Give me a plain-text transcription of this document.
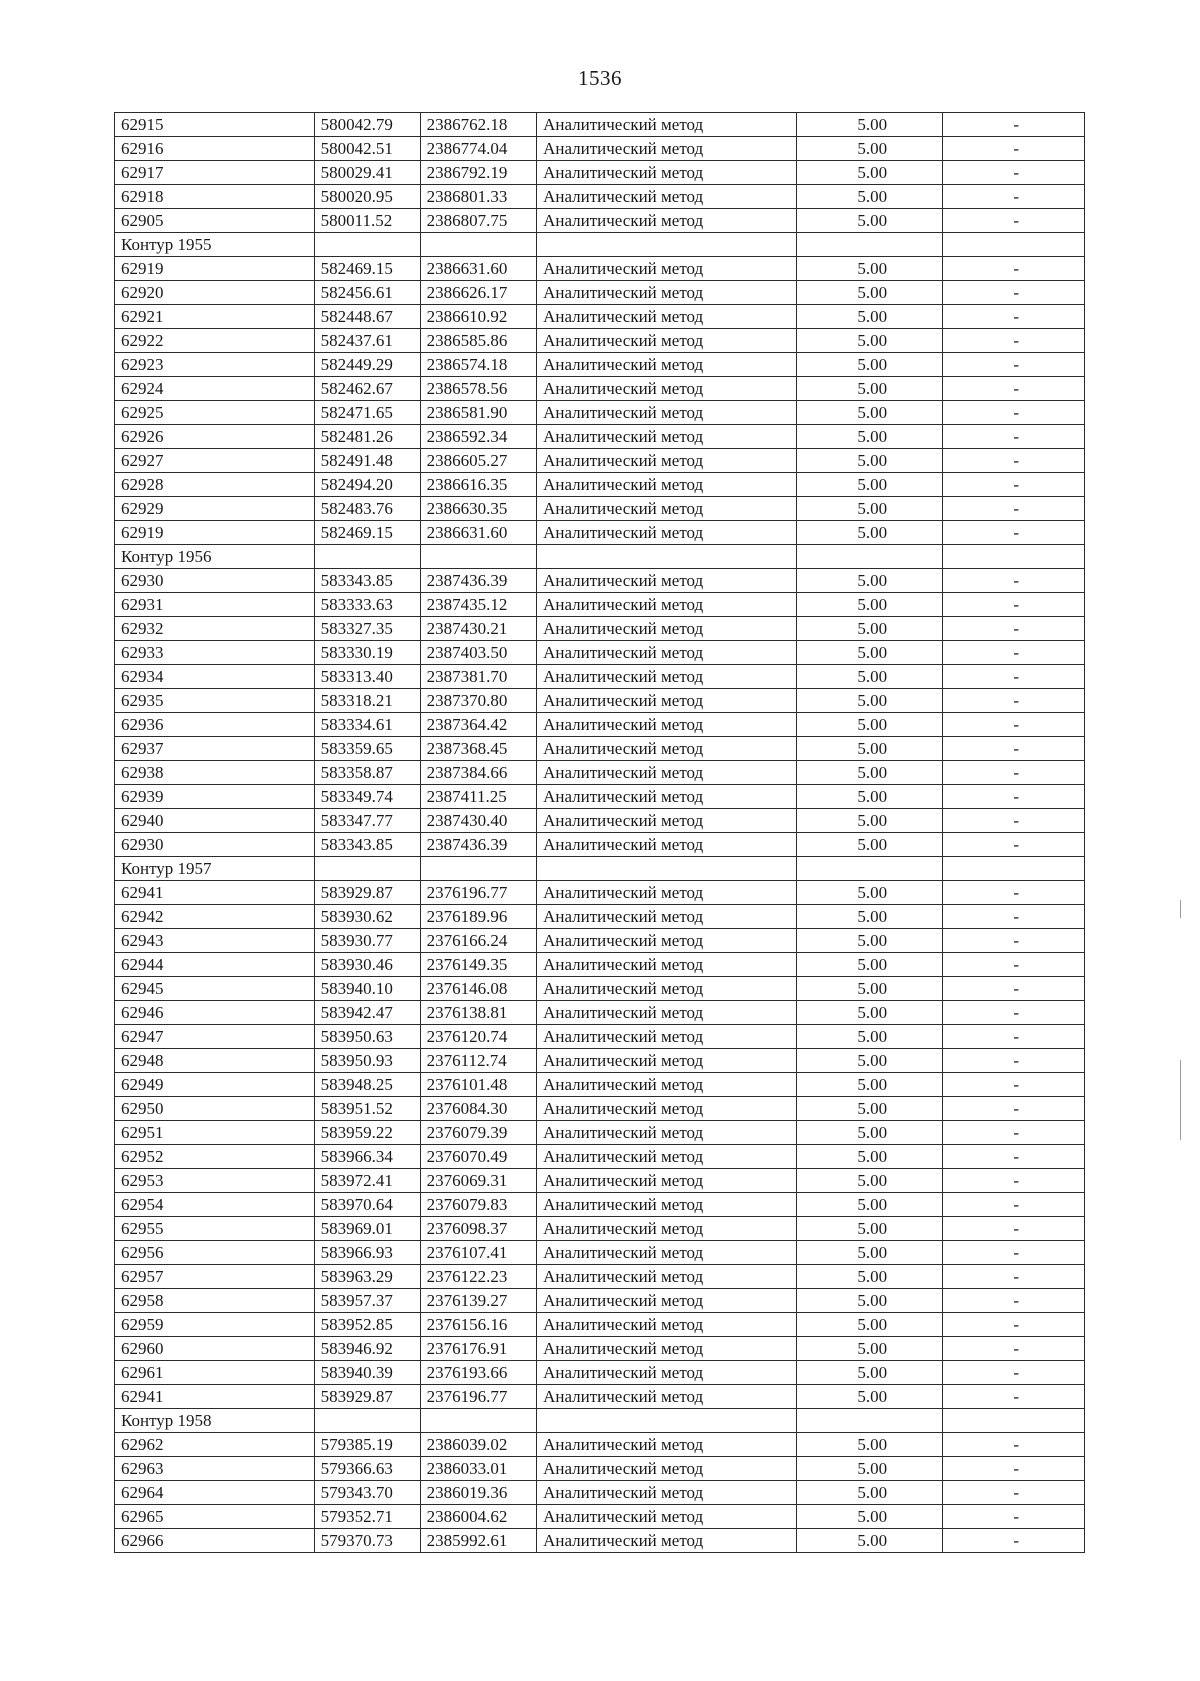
1536
62915	580042.79	2386762.18	Аналитический метод	5.00	-
62916	580042.51	2386774.04	Аналитический метод	5.00	-
62917	580029.41	2386792.19	Аналитический метод	5.00	-
62918	580020.95	2386801.33	Аналитический метод	5.00	-
62905	580011.52	2386807.75	Аналитический метод	5.00	-
Контур 1955					
62919	582469.15	2386631.60	Аналитический метод	5.00	-
62920	582456.61	2386626.17	Аналитический метод	5.00	-
62921	582448.67	2386610.92	Аналитический метод	5.00	-
62922	582437.61	2386585.86	Аналитический метод	5.00	-
62923	582449.29	2386574.18	Аналитический метод	5.00	-
62924	582462.67	2386578.56	Аналитический метод	5.00	-
62925	582471.65	2386581.90	Аналитический метод	5.00	-
62926	582481.26	2386592.34	Аналитический метод	5.00	-
62927	582491.48	2386605.27	Аналитический метод	5.00	-
62928	582494.20	2386616.35	Аналитический метод	5.00	-
62929	582483.76	2386630.35	Аналитический метод	5.00	-
62919	582469.15	2386631.60	Аналитический метод	5.00	-
Контур 1956					
62930	583343.85	2387436.39	Аналитический метод	5.00	-
62931	583333.63	2387435.12	Аналитический метод	5.00	-
62932	583327.35	2387430.21	Аналитический метод	5.00	-
62933	583330.19	2387403.50	Аналитический метод	5.00	-
62934	583313.40	2387381.70	Аналитический метод	5.00	-
62935	583318.21	2387370.80	Аналитический метод	5.00	-
62936	583334.61	2387364.42	Аналитический метод	5.00	-
62937	583359.65	2387368.45	Аналитический метод	5.00	-
62938	583358.87	2387384.66	Аналитический метод	5.00	-
62939	583349.74	2387411.25	Аналитический метод	5.00	-
62940	583347.77	2387430.40	Аналитический метод	5.00	-
62930	583343.85	2387436.39	Аналитический метод	5.00	-
Контур 1957					
62941	583929.87	2376196.77	Аналитический метод	5.00	-
62942	583930.62	2376189.96	Аналитический метод	5.00	-
62943	583930.77	2376166.24	Аналитический метод	5.00	-
62944	583930.46	2376149.35	Аналитический метод	5.00	-
62945	583940.10	2376146.08	Аналитический метод	5.00	-
62946	583942.47	2376138.81	Аналитический метод	5.00	-
62947	583950.63	2376120.74	Аналитический метод	5.00	-
62948	583950.93	2376112.74	Аналитический метод	5.00	-
62949	583948.25	2376101.48	Аналитический метод	5.00	-
62950	583951.52	2376084.30	Аналитический метод	5.00	-
62951	583959.22	2376079.39	Аналитический метод	5.00	-
62952	583966.34	2376070.49	Аналитический метод	5.00	-
62953	583972.41	2376069.31	Аналитический метод	5.00	-
62954	583970.64	2376079.83	Аналитический метод	5.00	-
62955	583969.01	2376098.37	Аналитический метод	5.00	-
62956	583966.93	2376107.41	Аналитический метод	5.00	-
62957	583963.29	2376122.23	Аналитический метод	5.00	-
62958	583957.37	2376139.27	Аналитический метод	5.00	-
62959	583952.85	2376156.16	Аналитический метод	5.00	-
62960	583946.92	2376176.91	Аналитический метод	5.00	-
62961	583940.39	2376193.66	Аналитический метод	5.00	-
62941	583929.87	2376196.77	Аналитический метод	5.00	-
Контур 1958					
62962	579385.19	2386039.02	Аналитический метод	5.00	-
62963	579366.63	2386033.01	Аналитический метод	5.00	-
62964	579343.70	2386019.36	Аналитический метод	5.00	-
62965	579352.71	2386004.62	Аналитический метод	5.00	-
62966	579370.73	2385992.61	Аналитический метод	5.00	-
